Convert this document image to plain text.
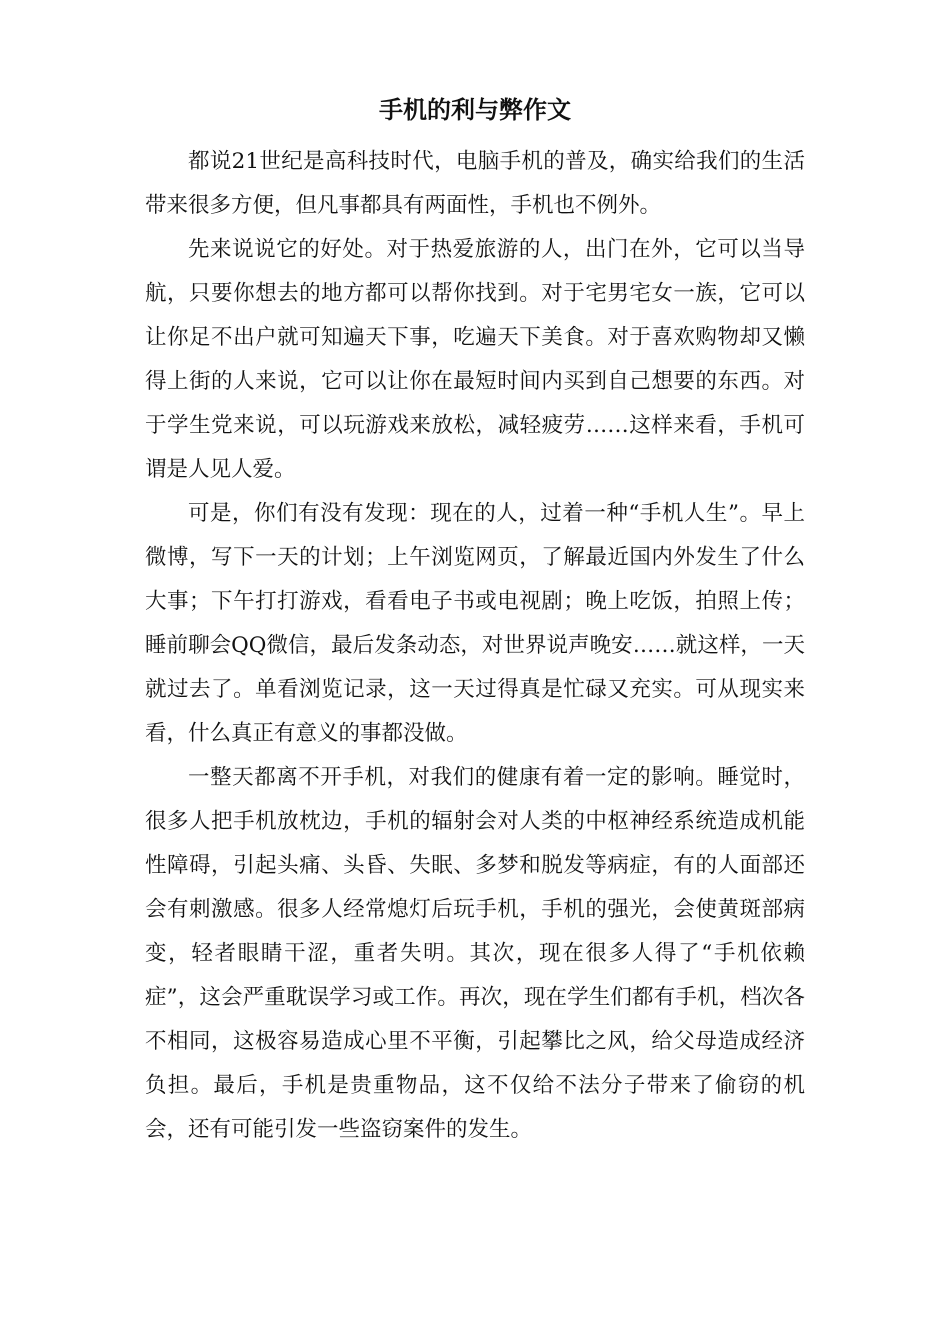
手机的利与弊作文

都说21世纪是高科技时代，电脑手机的普及，确实给我们的生活带来很多方便，但凡事都具有两面性，手机也不例外。

先来说说它的好处。对于热爱旅游的人，出门在外，它可以当导航，只要你想去的地方都可以帮你找到。对于宅男宅女一族，它可以让你足不出户就可知遍天下事，吃遍天下美食。对于喜欢购物却又懒得上街的人来说，它可以让你在最短时间内买到自己想要的东西。对于学生党来说，可以玩游戏来放松，减轻疲劳……这样来看，手机可谓是人见人爱。

可是，你们有没有发现：现在的人，过着一种“手机人生”。早上微博，写下一天的计划；上午浏览网页，了解最近国内外发生了什么大事；下午打打游戏，看看电子书或电视剧；晚上吃饭，拍照上传；睡前聊会QQ微信，最后发条动态，对世界说声晚安……就这样，一天就过去了。单看浏览记录，这一天过得真是忙碌又充实。可从现实来看，什么真正有意义的事都没做。

一整天都离不开手机，对我们的健康有着一定的影响。睡觉时，很多人把手机放枕边，手机的辐射会对人类的中枢神经系统造成机能性障碍，引起头痛、头昏、失眠、多梦和脱发等病症，有的人面部还会有刺激感。很多人经常熄灯后玩手机，手机的强光，会使黄斑部病变，轻者眼睛干涩，重者失明。其次，现在很多人得了“手机依赖症”，这会严重耽误学习或工作。再次，现在学生们都有手机，档次各不相同，这极容易造成心里不平衡，引起攀比之风，给父母造成经济负担。最后，手机是贵重物品，这不仅给不法分子带来了偷窃的机会，还有可能引发一些盗窃案件的发生。
